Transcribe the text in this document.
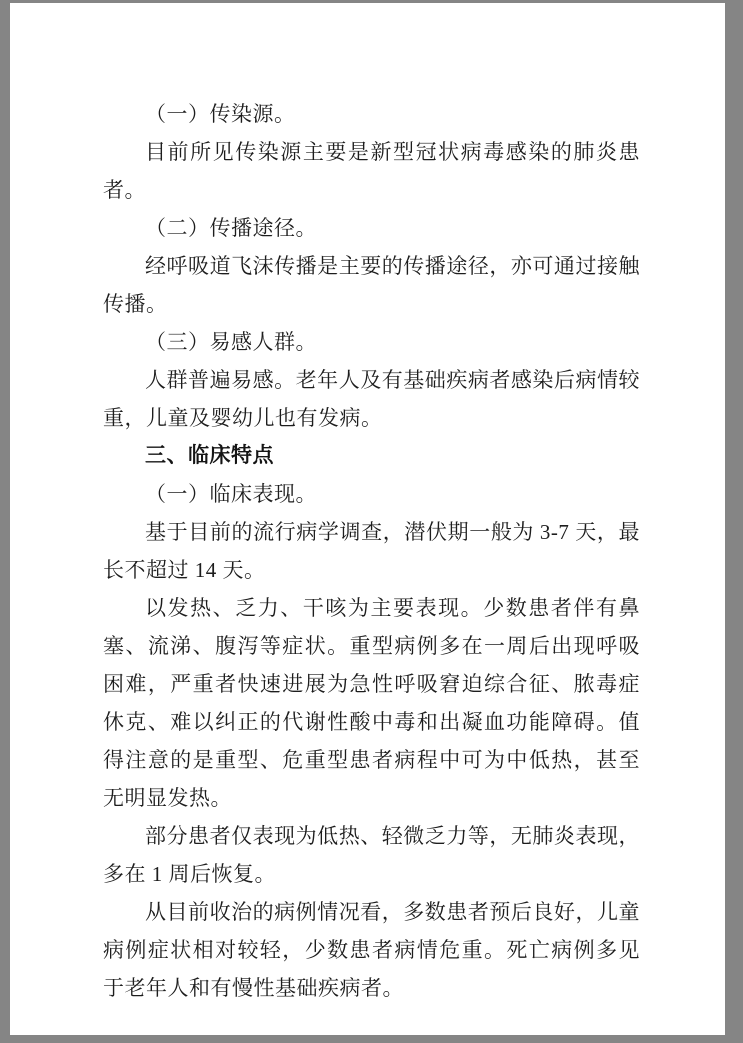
（一）传染源。

目前所见传染源主要是新型冠状病毒感染的肺炎患者。

（二）传播途径。

经呼吸道飞沫传播是主要的传播途径，亦可通过接触传播。

（三）易感人群。

人群普遍易感。老年人及有基础疾病者感染后病情较重，儿童及婴幼儿也有发病。

三、临床特点

（一）临床表现。

基于目前的流行病学调查，潜伏期一般为 3-7 天，最长不超过 14 天。

以发热、乏力、干咳为主要表现。少数患者伴有鼻塞、流涕、腹泻等症状。重型病例多在一周后出现呼吸困难，严重者快速进展为急性呼吸窘迫综合征、脓毒症休克、难以纠正的代谢性酸中毒和出凝血功能障碍。值得注意的是重型、危重型患者病程中可为中低热，甚至无明显发热。

部分患者仅表现为低热、轻微乏力等，无肺炎表现，多在 1 周后恢复。

从目前收治的病例情况看，多数患者预后良好，儿童病例症状相对较轻，少数患者病情危重。死亡病例多见于老年人和有慢性基础疾病者。
